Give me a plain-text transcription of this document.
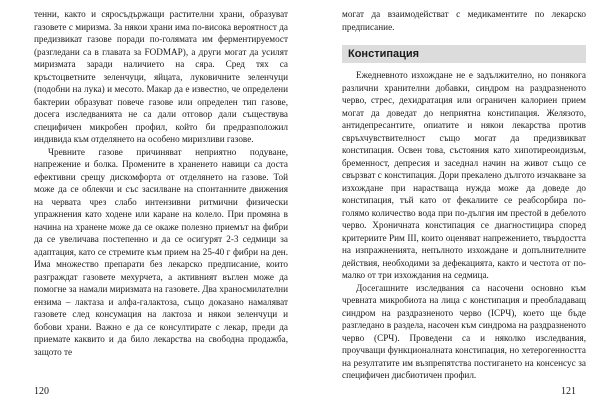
тенни, както и сяросъдържащи растителни храни, образуват газовете с миризма. За някои храни има по-висока вероятност да предизвикат газове поради по-голямата им ферментируемост (разгледани са в главата за FODMAP), а други могат да усилят миризмата заради наличието на сяра. Сред тях са кръстоцветните зеленчуци, яйцата, луковичните зеленчуци (подобни на лука) и месото. Макар да е известно, че определени бактерии образуват повече газове или определен тип газове, досега изследванията не са дали отговор дали съществува специфичен микробен профил, който би предразположил индивида към отделянето на особено миризливи газове.

Чревните газове причиняват неприятно подуване, напрежение и болка. Промените в храненето навици са доста ефективни срещу дискомфорта от отделянето на газове. Той може да се облекчи и със засилване на спонтанните движения на червата чрез слабо интензивни ритмични физически упражнения като ходене или каране на колело. При промяна в начина на хранене може да се окаже полезно приемът на фибри да се увеличава постепенно и да се осигурят 2-3 седмици за адаптация, като се стремите към прием на 25-40 г фибри на ден. Има множество препарати без лекарско предписание, които разграждат газовете мехурчета, а активният въглен може да помогне за намали миризмата на газовете. Два храносмилателни ензима – лактаза и алфа-галактоза, също доказано намаляват газовете след консумация на лактоза и някои зеленчуци и бобови храни. Важно е да се консултирате с лекар, преди да приемате каквито и да било лекарства на свободна продажба, защото те

120

могат да взаимодействат с медикаментите по лекарско предписание.

Констипация

Ежедневното изхождане не е задължително, но понякога различни хранителни добавки, синдром на раздразненото черво, стрес, дехидратация или ограничен калориен прием могат да доведат до неприятна констипация. Желязото, антидепресантите, опиатите и някои лекарства против свръхчувствителност също могат да предизвикват констипация. Освен това, състояния като хипотиреоидизъм, бременност, депресия и заседнал начин на живот също се свързват с констипация. Дори прекалено дългото изчакване за изхождане при нарастваща нужда може да доведе до констипация, тъй като от фекалиите се реабсорбира по-голямо количество вода при по-дългия им престой в дебелото черво. Хроничната констипация се диагностицира според критериите Рим III, които оценяват напрежението, твърдостта на изпражненията, непълното изхождане и допълнителните действия, необходими за дефекацията, както и честота от по-малко от три изхождания на седмица.

Досегашните изследвания са насочени основно към чревната микробиота на лица с констипация и преобладаващ синдром на раздразненото черво (IСРЧ), което ще бъде разгледано в раздела, насочен към синдрома на раздразненото черво (СРЧ). Проведени са и няколко изследвания, проучващи функционалната констипация, но хетерогенността на резултатите им възпрепятства постигането на консенсус за специфичен дисбиотичен профил.

121
